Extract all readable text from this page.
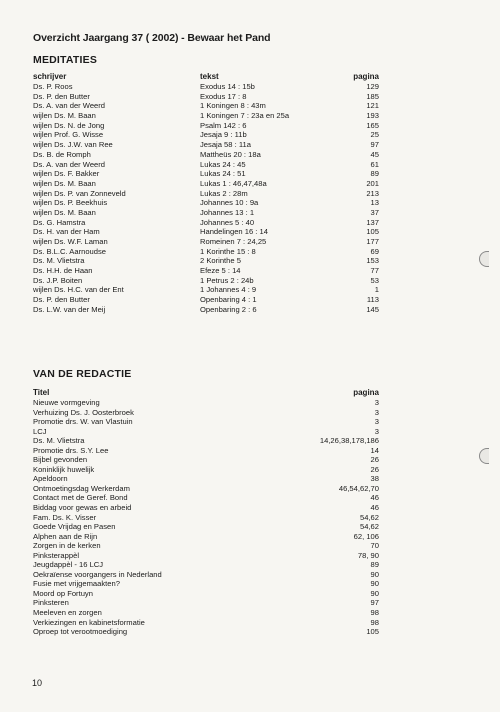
Overzicht Jaargang 37 ( 2002) - Bewaar het Pand
MEDITATIES
schrijver	tekst	pagina
Ds. P. Roos	Exodus 14 : 15b	129
Ds. P. den Butter	Exodus 17 : 8	185
Ds. A. van der Weerd	1 Koningen 8 : 43m	121
wijlen Ds. M. Baan	1 Koningen 7 : 23a en 25a	193
wijlen Ds. N. de Jong	Psalm 142 : 6	165
wijlen Prof. G. Wisse	Jesaja 9 : 11b	25
wijlen Ds. J.W. van Ree	Jesaja 58 : 11a	97
Ds. B. de Romph	Mattheüs 20 : 18a	45
Ds. A. van der Weerd	Lukas 24 : 45	61
wijlen Ds. F. Bakker	Lukas 24 : 51	89
wijlen Ds. M. Baan	Lukas 1 : 46,47,48a	201
wijlen Ds. P. van Zonneveld	Lukas 2 : 28m	213
wijlen Ds. P. Beekhuis	Johannes 10 : 9a	13
wijlen Ds. M. Baan	Johannes 13 : 1	37
Ds. G. Hamstra	Johannes 5 : 40	137
Ds. H. van der Ham	Handelingen 16 : 14	105
wijlen Ds. W.F. Laman	Romeinen 7 : 24,25	177
Ds. B.L.C. Aarnoudse	1 Korinthe 15 : 8	69
Ds. M. Vlietstra	2 Korinthe 5	153
Ds. H.H. de Haan	Efeze 5 : 14	77
Ds. J.P. Boiten	1 Petrus 2 : 24b	53
wijlen Ds. H.C. van der Ent	1 Johannes 4 : 9	1
Ds. P. den Butter	Openbaring 4 : 1	113
Ds. L.W. van der Meij	Openbaring 2 : 6	145
VAN DE REDACTIE
Titel	pagina
Nieuwe vormgeving	3
Verhuizing Ds. J. Oosterbroek	3
Promotie drs. W. van Vlastuin	3
LCJ	3
Ds. M. Vlietstra	14,26,38,178,186
Promotie drs. S.Y. Lee	14
Bijbel gevonden	26
Koninklijk huwelijk	26
Apeldoorn	38
Ontmoetingsdag Werkerdam	46,54,62,70
Contact met de Geref. Bond	46
Biddag voor gewas en arbeid	46
Fam. Ds. K. Visser	54,62
Goede Vrijdag en Pasen	54,62
Alphen aan de Rijn	62, 106
Zorgen in de kerken	70
Pinksterappèl	78, 90
Jeugdappèl - 16 LCJ	89
Oekraïense voorgangers in Nederland	90
Fusie met vrijgemaakten?	90
Moord op Fortuyn	90
Pinksteren	97
Meeleven en zorgen	98
Verkiezingen en kabinetsformatie	98
Oproep tot verootmoediging	105
10
